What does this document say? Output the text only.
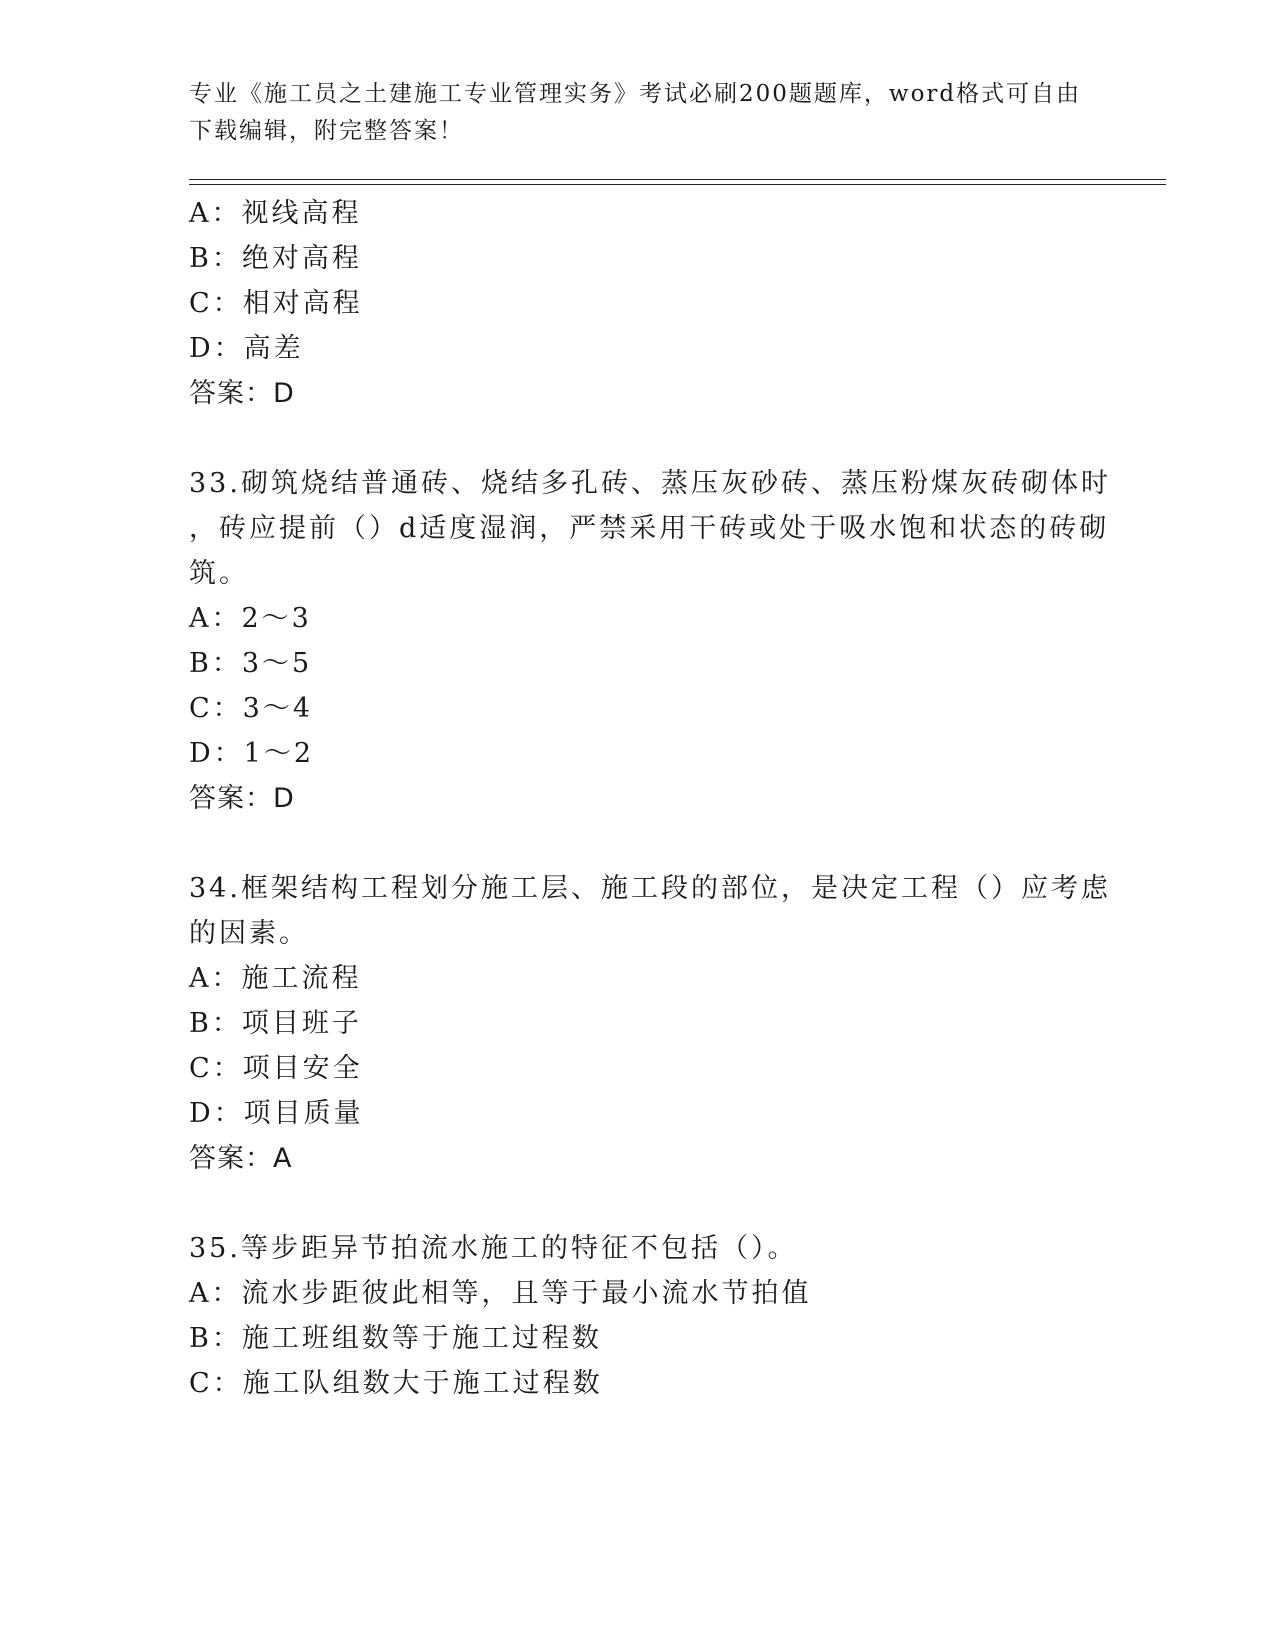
专业《施工员之土建施工专业管理实务》考试必刷200题题库，word格式可自由
下载编辑，附完整答案！
A：视线高程
B：绝对高程
C：相对高程
D：高差
答案：D
33.砌筑烧结普通砖、烧结多孔砖、蒸压灰砂砖、蒸压粉煤灰砖砌体时
，砖应提前（）d适度湿润，严禁采用干砖或处于吸水饱和状态的砖砌
筑。
A：2～3
B：3～5
C：3～4
D：1～2
答案：D
34.框架结构工程划分施工层、施工段的部位，是决定工程（）应考虑
的因素。
A：施工流程
B：项目班子
C：项目安全
D：项目质量
答案：A
35.等步距异节拍流水施工的特征不包括（）。
A：流水步距彼此相等，且等于最小流水节拍值
B：施工班组数等于施工过程数
C：施工队组数大于施工过程数
